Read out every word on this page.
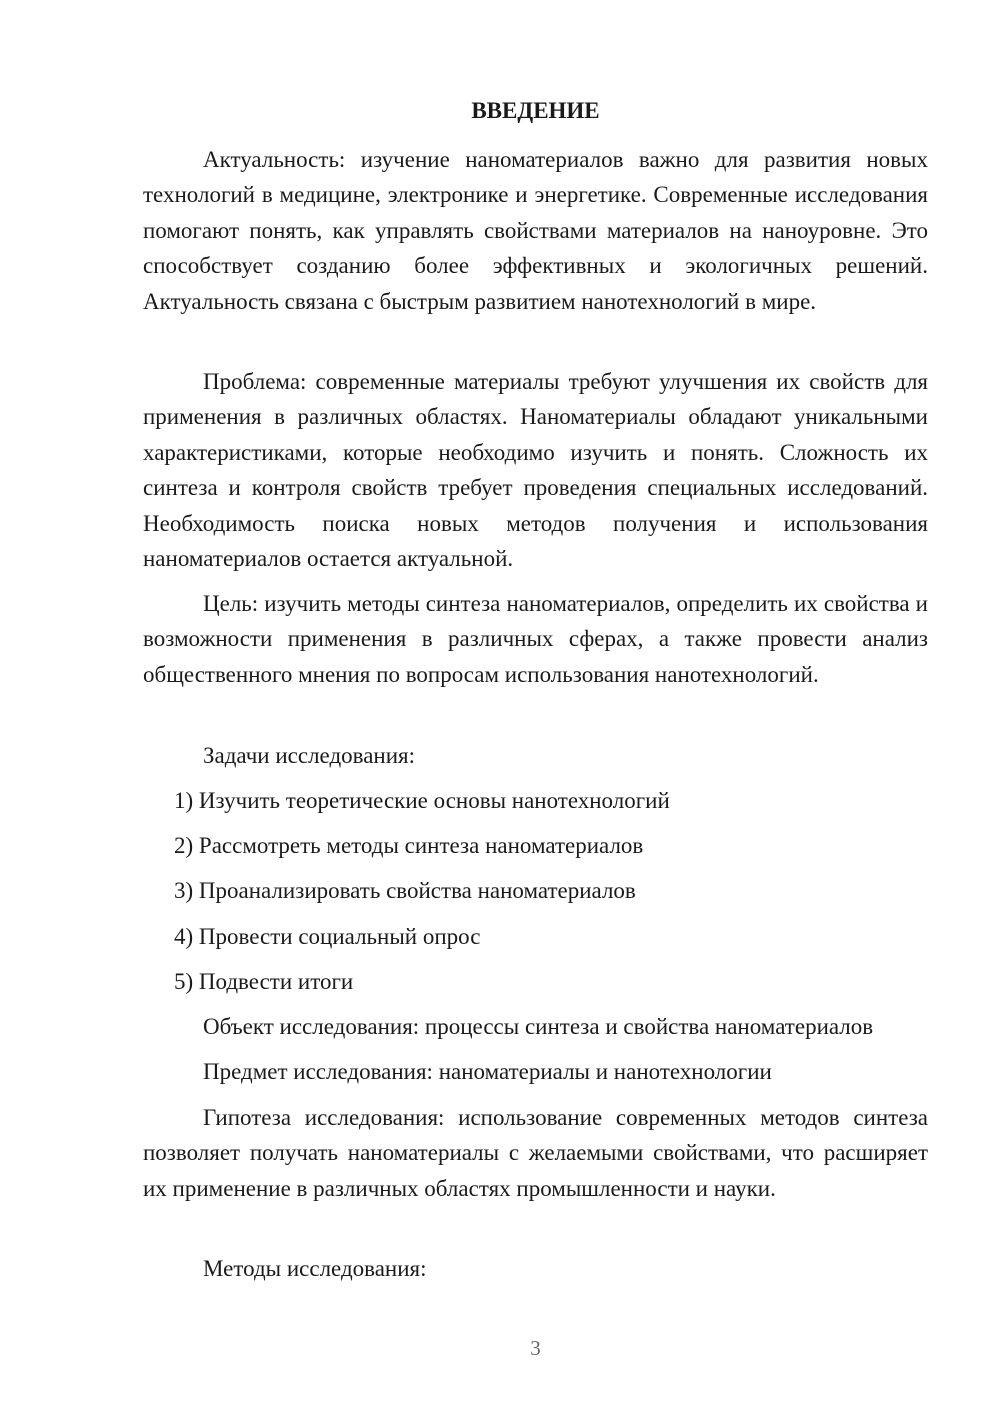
ВВЕДЕНИЕ

Актуальность: изучение наноматериалов важно для развития новых технологий в медицине, электронике и энергетике. Современные исследования помогают понять, как управлять свойствами материалов на наноуровне. Это способствует созданию более эффективных и экологичных решений. Актуальность связана с быстрым развитием нанотехнологий в мире.

Проблема: современные материалы требуют улучшения их свойств для применения в различных областях. Наноматериалы обладают уникальными характеристиками, которые необходимо изучить и понять. Сложность их синтеза и контроля свойств требует проведения специальных исследований. Необходимость поиска новых методов получения и использования наноматериалов остается актуальной.

Цель: изучить методы синтеза наноматериалов, определить их свойства и возможности применения в различных сферах, а также провести анализ общественного мнения по вопросам использования нанотехнологий.

Задачи исследования:

1) Изучить теоретические основы нанотехнологий

2) Рассмотреть методы синтеза наноматериалов

3) Проанализировать свойства наноматериалов

4) Провести социальный опрос

5) Подвести итоги

Объект исследования: процессы синтеза и свойства наноматериалов

Предмет исследования: наноматериалы и нанотехнологии

Гипотеза исследования: использование современных методов синтеза позволяет получать наноматериалы с желаемыми свойствами, что расширяет их применение в различных областях промышленности и науки.

Методы исследования:

3
